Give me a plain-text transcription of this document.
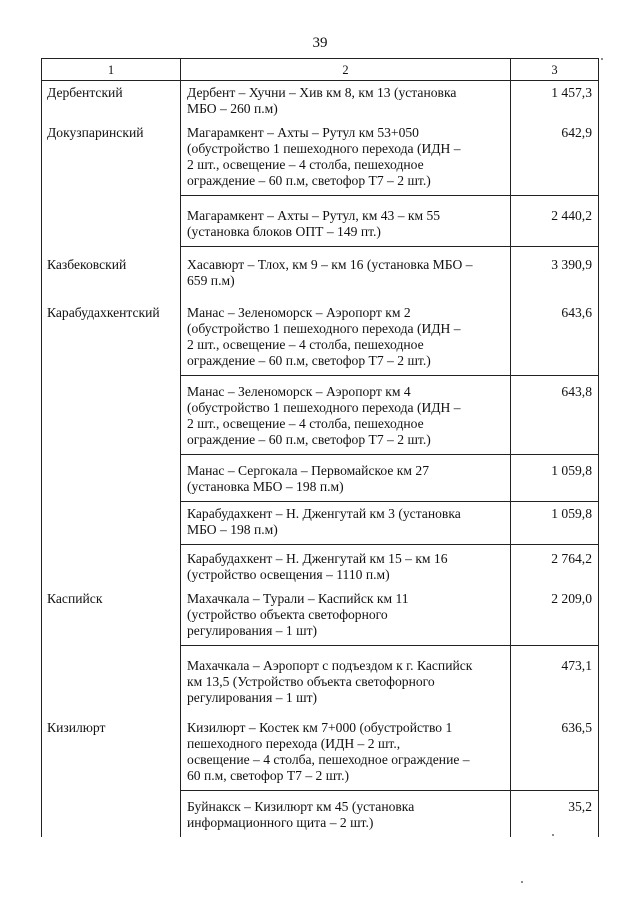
39
1	2	3
Дербентский	Дербент – Хучни – Хив км 8, км 13 (установка
МБО – 260 п.м)	1 457,3
Докузпаринский	Магарамкент – Ахты – Рутул км 53+050
(обустройство 1 пешеходного перехода (ИДН –
2 шт., освещение – 4 столба, пешеходное
ограждение – 60 п.м, светофор Т7 – 2 шт.)	642,9

	Магарамкент – Ахты – Рутул, км 43 – км 55
(установка блоков ОПТ – 149 пт.)	2 440,2
Казбековский	Хасавюрт – Тлох, км 9 – км 16 (установка МБО –
659 п.м)	3 390,9
Карабудахкентский	Манас – Зеленоморск – Аэропорт км 2
(обустройство 1 пешеходного перехода (ИДН –
2 шт., освещение – 4 столба, пешеходное
ограждение – 60 п.м, светофор Т7 – 2 шт.)	643,6

	Манас – Зеленоморск – Аэропорт км 4
(обустройство 1 пешеходного перехода (ИДН –
2 шт., освещение – 4 столба, пешеходное
ограждение – 60 п.м, светофор Т7 – 2 шт.)	643,8

	Манас – Сергокала – Первомайское км 27
(установка МБО – 198 п.м)	1 059,8

	Карабудахкент – Н. Дженгутай км 3 (установка
МБО – 198 п.м)	1 059,8

	Карабудахкент – Н. Дженгутай км 15 – км 16
(устройство освещения – 1110 п.м)	2 764,2
Каспийск	Махачкала – Турали – Каспийск км 11
(устройство объекта светофорного
регулирования – 1 шт)	2 209,0

	Махачкала – Аэропорт с подъездом к г. Каспийск
км 13,5 (Устройство объекта светофорного
регулирования – 1 шт)	473,1
Кизилюрт	Кизилюрт – Костек км 7+000 (обустройство 1
пешеходного перехода (ИДН – 2 шт.,
освещение – 4 столба, пешеходное ограждение –
60 п.м, светофор Т7 – 2 шт.)	636,5

	Буйнакск – Кизилюрт км 45 (установка
информационного щита – 2 шт.)	35,2
